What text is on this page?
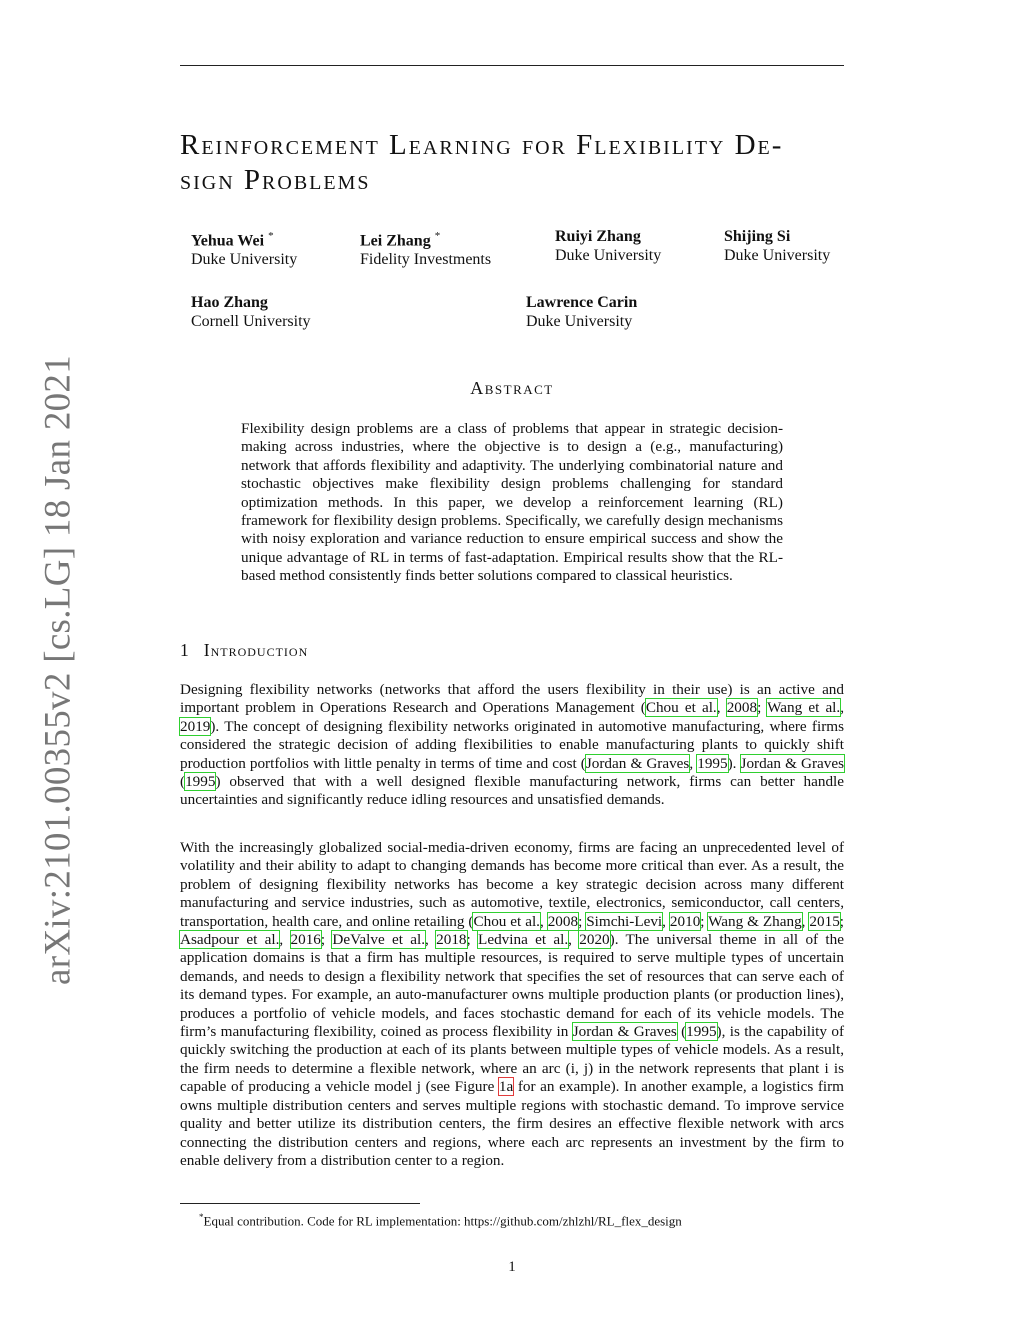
arXiv:2101.00355v2 [cs.LG] 18 Jan 2021
Reinforcement Learning for Flexibility De-
sign Problems
Yehua Wei *
Duke University
Lei Zhang *
Fidelity Investments
Ruiyi Zhang
Duke University
Shijing Si
Duke University
Hao Zhang
Cornell University
Lawrence Carin
Duke University
Abstract
Flexibility design problems are a class of problems that appear in strategic decision-making across industries, where the objective is to design a (e.g., manufacturing) network that affords flexibility and adaptivity. The underlying combinatorial nature and stochastic objectives make flexibility design problems challenging for standard optimization methods. In this paper, we develop a reinforcement learning (RL) framework for flexibility design problems. Specifically, we carefully design mechanisms with noisy exploration and variance reduction to ensure empirical success and show the unique advantage of RL in terms of fast-adaptation. Empirical results show that the RL-based method consistently finds better solutions compared to classical heuristics.
1 Introduction
Designing flexibility networks (networks that afford the users flexibility in their use) is an active and important problem in Operations Research and Operations Management (Chou et al., 2008; Wang et al., 2019). The concept of designing flexibility networks originated in automotive manufacturing, where firms considered the strategic decision of adding flexibilities to enable manufacturing plants to quickly shift production portfolios with little penalty in terms of time and cost (Jordan & Graves, 1995). Jordan & Graves (1995) observed that with a well designed flexible manufacturing network, firms can better handle uncertainties and significantly reduce idling resources and unsatisfied demands.
With the increasingly globalized social-media-driven economy, firms are facing an unprecedented level of volatility and their ability to adapt to changing demands has become more critical than ever. As a result, the problem of designing flexibility networks has become a key strategic decision across many different manufacturing and service industries, such as automotive, textile, electronics, semiconductor, call centers, transportation, health care, and online retailing (Chou et al., 2008; Simchi-Levi, 2010; Wang & Zhang, 2015; Asadpour et al., 2016; DeValve et al., 2018; Ledvina et al., 2020). The universal theme in all of the application domains is that a firm has multiple resources, is required to serve multiple types of uncertain demands, and needs to design a flexibility network that specifies the set of resources that can serve each of its demand types. For example, an auto-manufacturer owns multiple production plants (or production lines), produces a portfolio of vehicle models, and faces stochastic demand for each of its vehicle models. The firm’s manufacturing flexibility, coined as process flexibility in Jordan & Graves (1995), is the capability of quickly switching the production at each of its plants between multiple types of vehicle models. As a result, the firm needs to determine a flexible network, where an arc (i, j) in the network represents that plant i is capable of producing a vehicle model j (see Figure 1a for an example). In another example, a logistics firm owns multiple distribution centers and serves multiple regions with stochastic demand. To improve service quality and better utilize its distribution centers, the firm desires an effective flexible network with arcs connecting the distribution centers and regions, where each arc represents an investment by the firm to enable delivery from a distribution center to a region.
*Equal contribution. Code for RL implementation: https://github.com/zhlzhl/RL_flex_design
1
